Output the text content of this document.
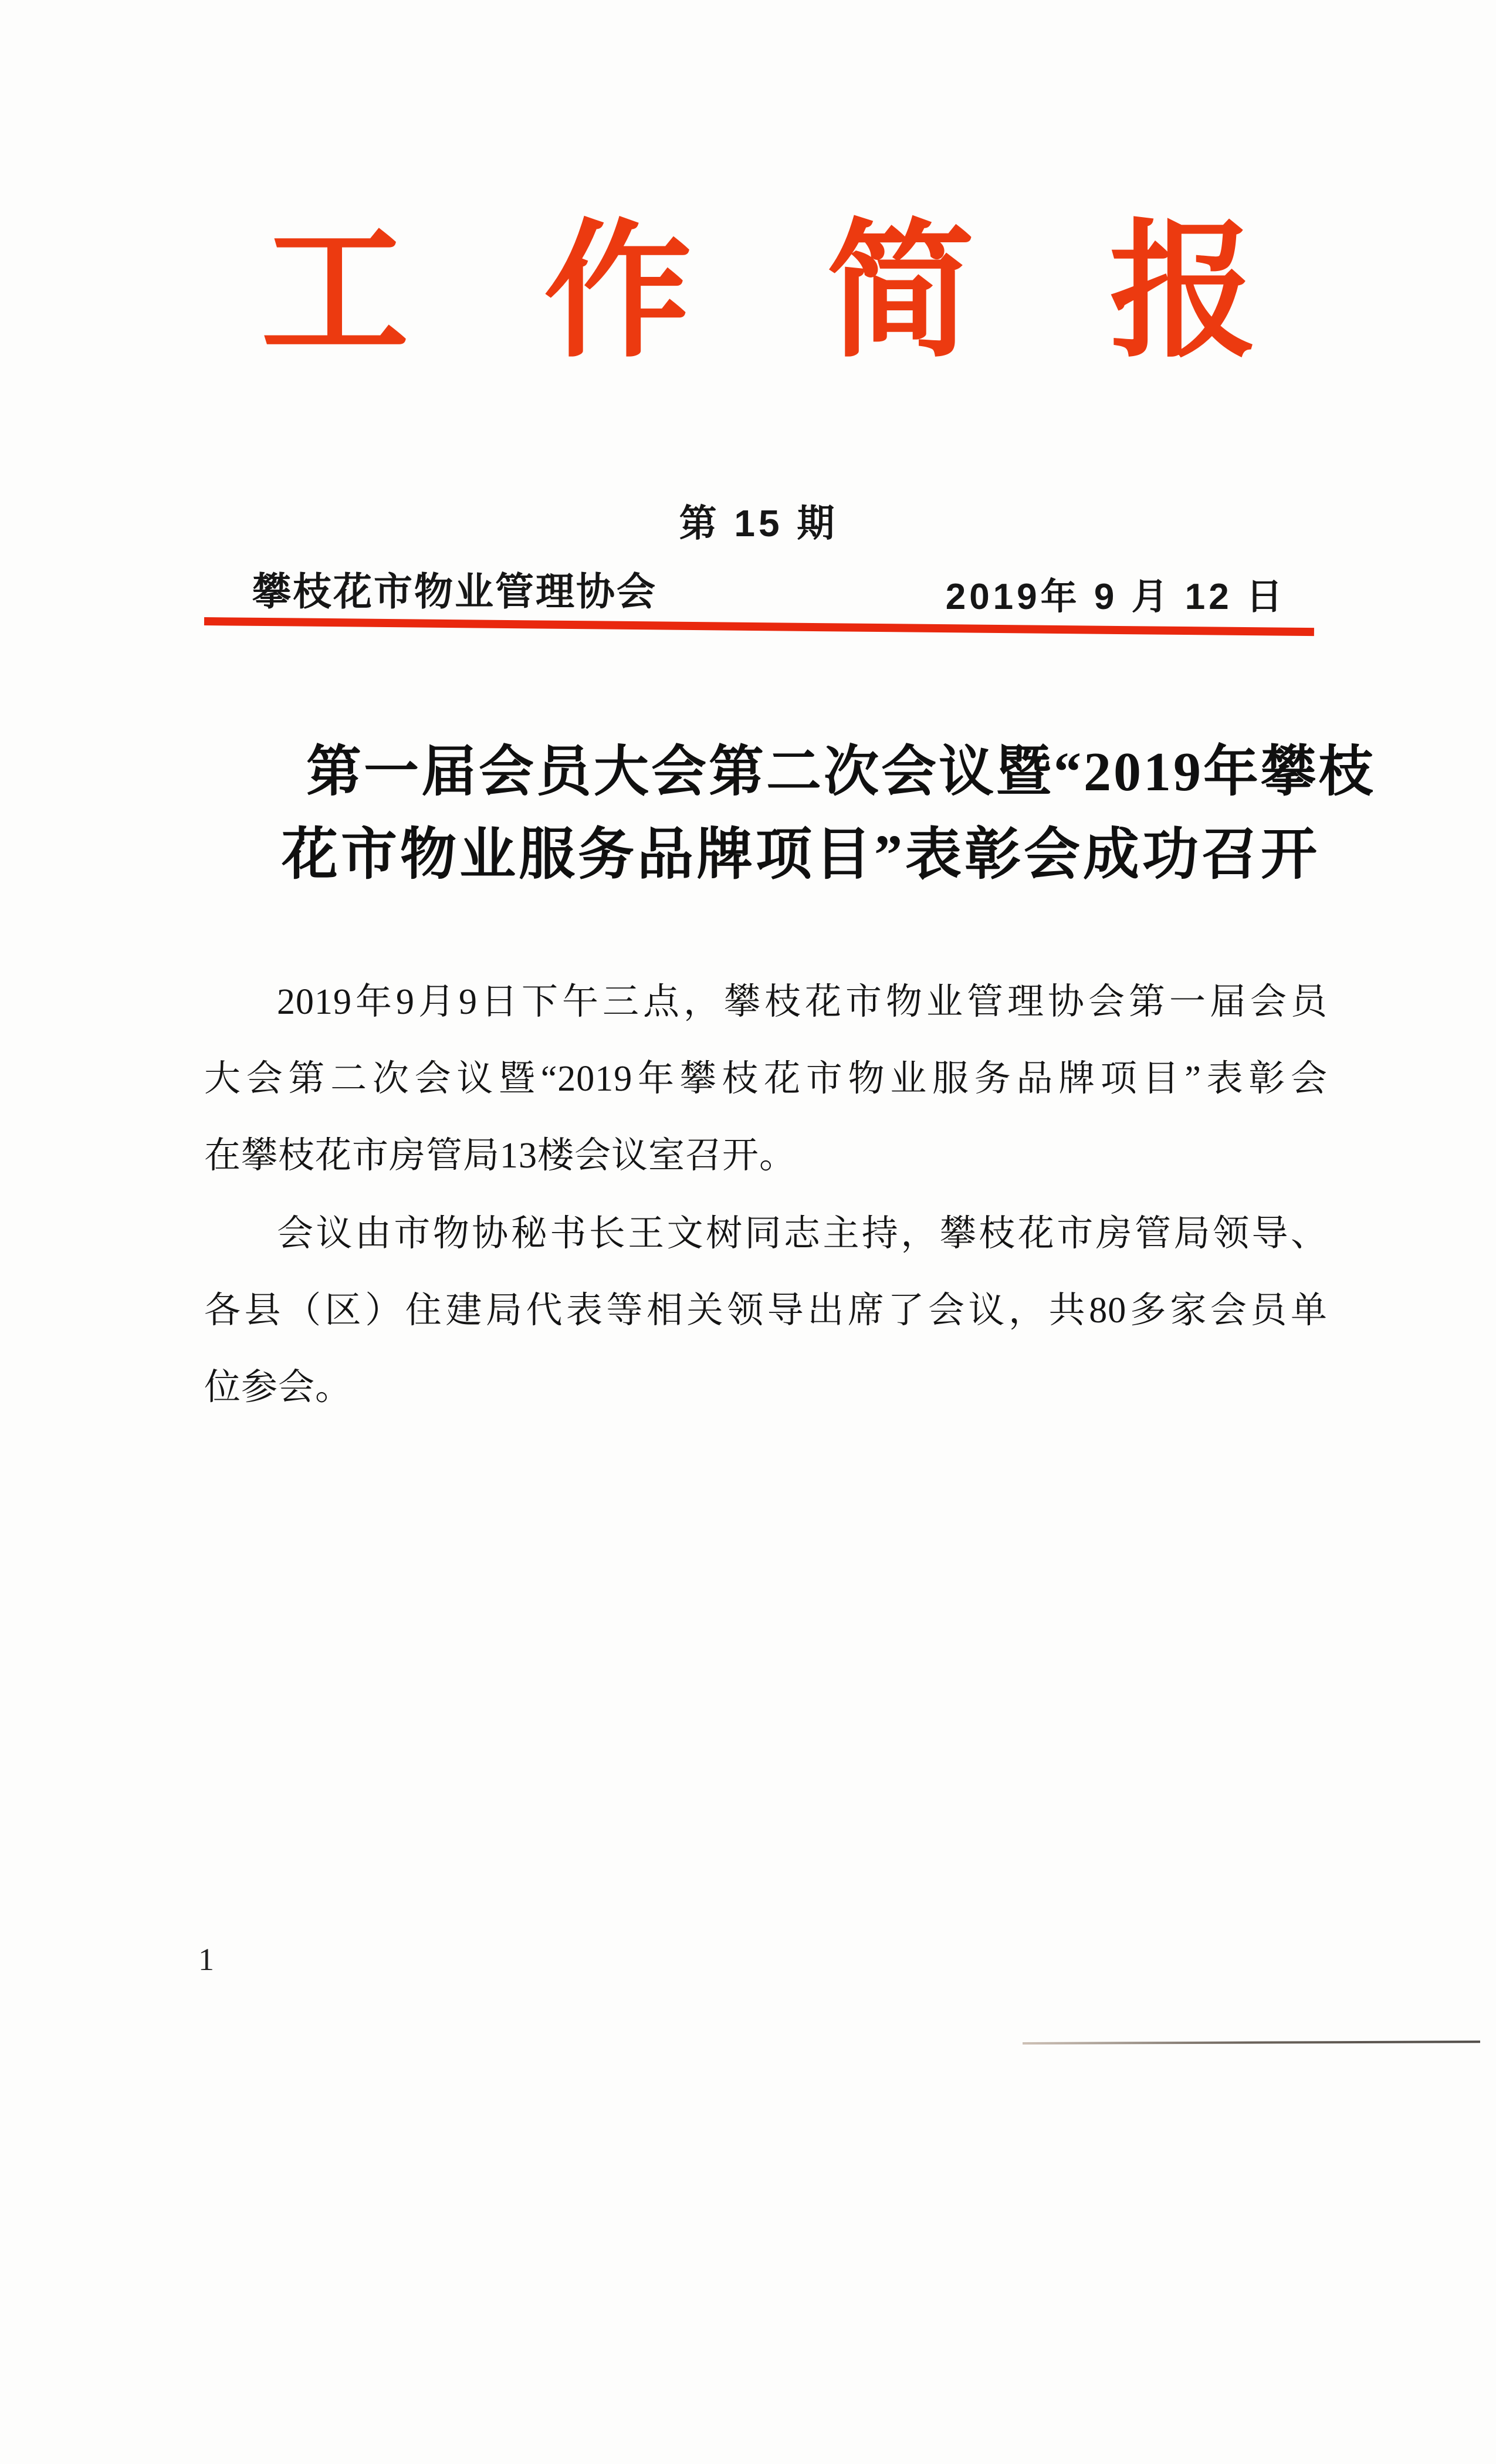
工作简报
第 15 期
攀枝花市物业管理协会	2019年 9 月 12 日
第一届会员大会第二次会议暨“2019年攀枝
花市物业服务品牌项目”表彰会成功召开
2019年9月9日下午三点，攀枝花市物业管理协会第一届会员
大会第二次会议暨“2019年攀枝花市物业服务品牌项目”表彰会
在攀枝花市房管局13楼会议室召开。
会议由市物协秘书长王文树同志主持，攀枝花市房管局领导、
各县（区）住建局代表等相关领导出席了会议，共80多家会员单
位参会。
1
